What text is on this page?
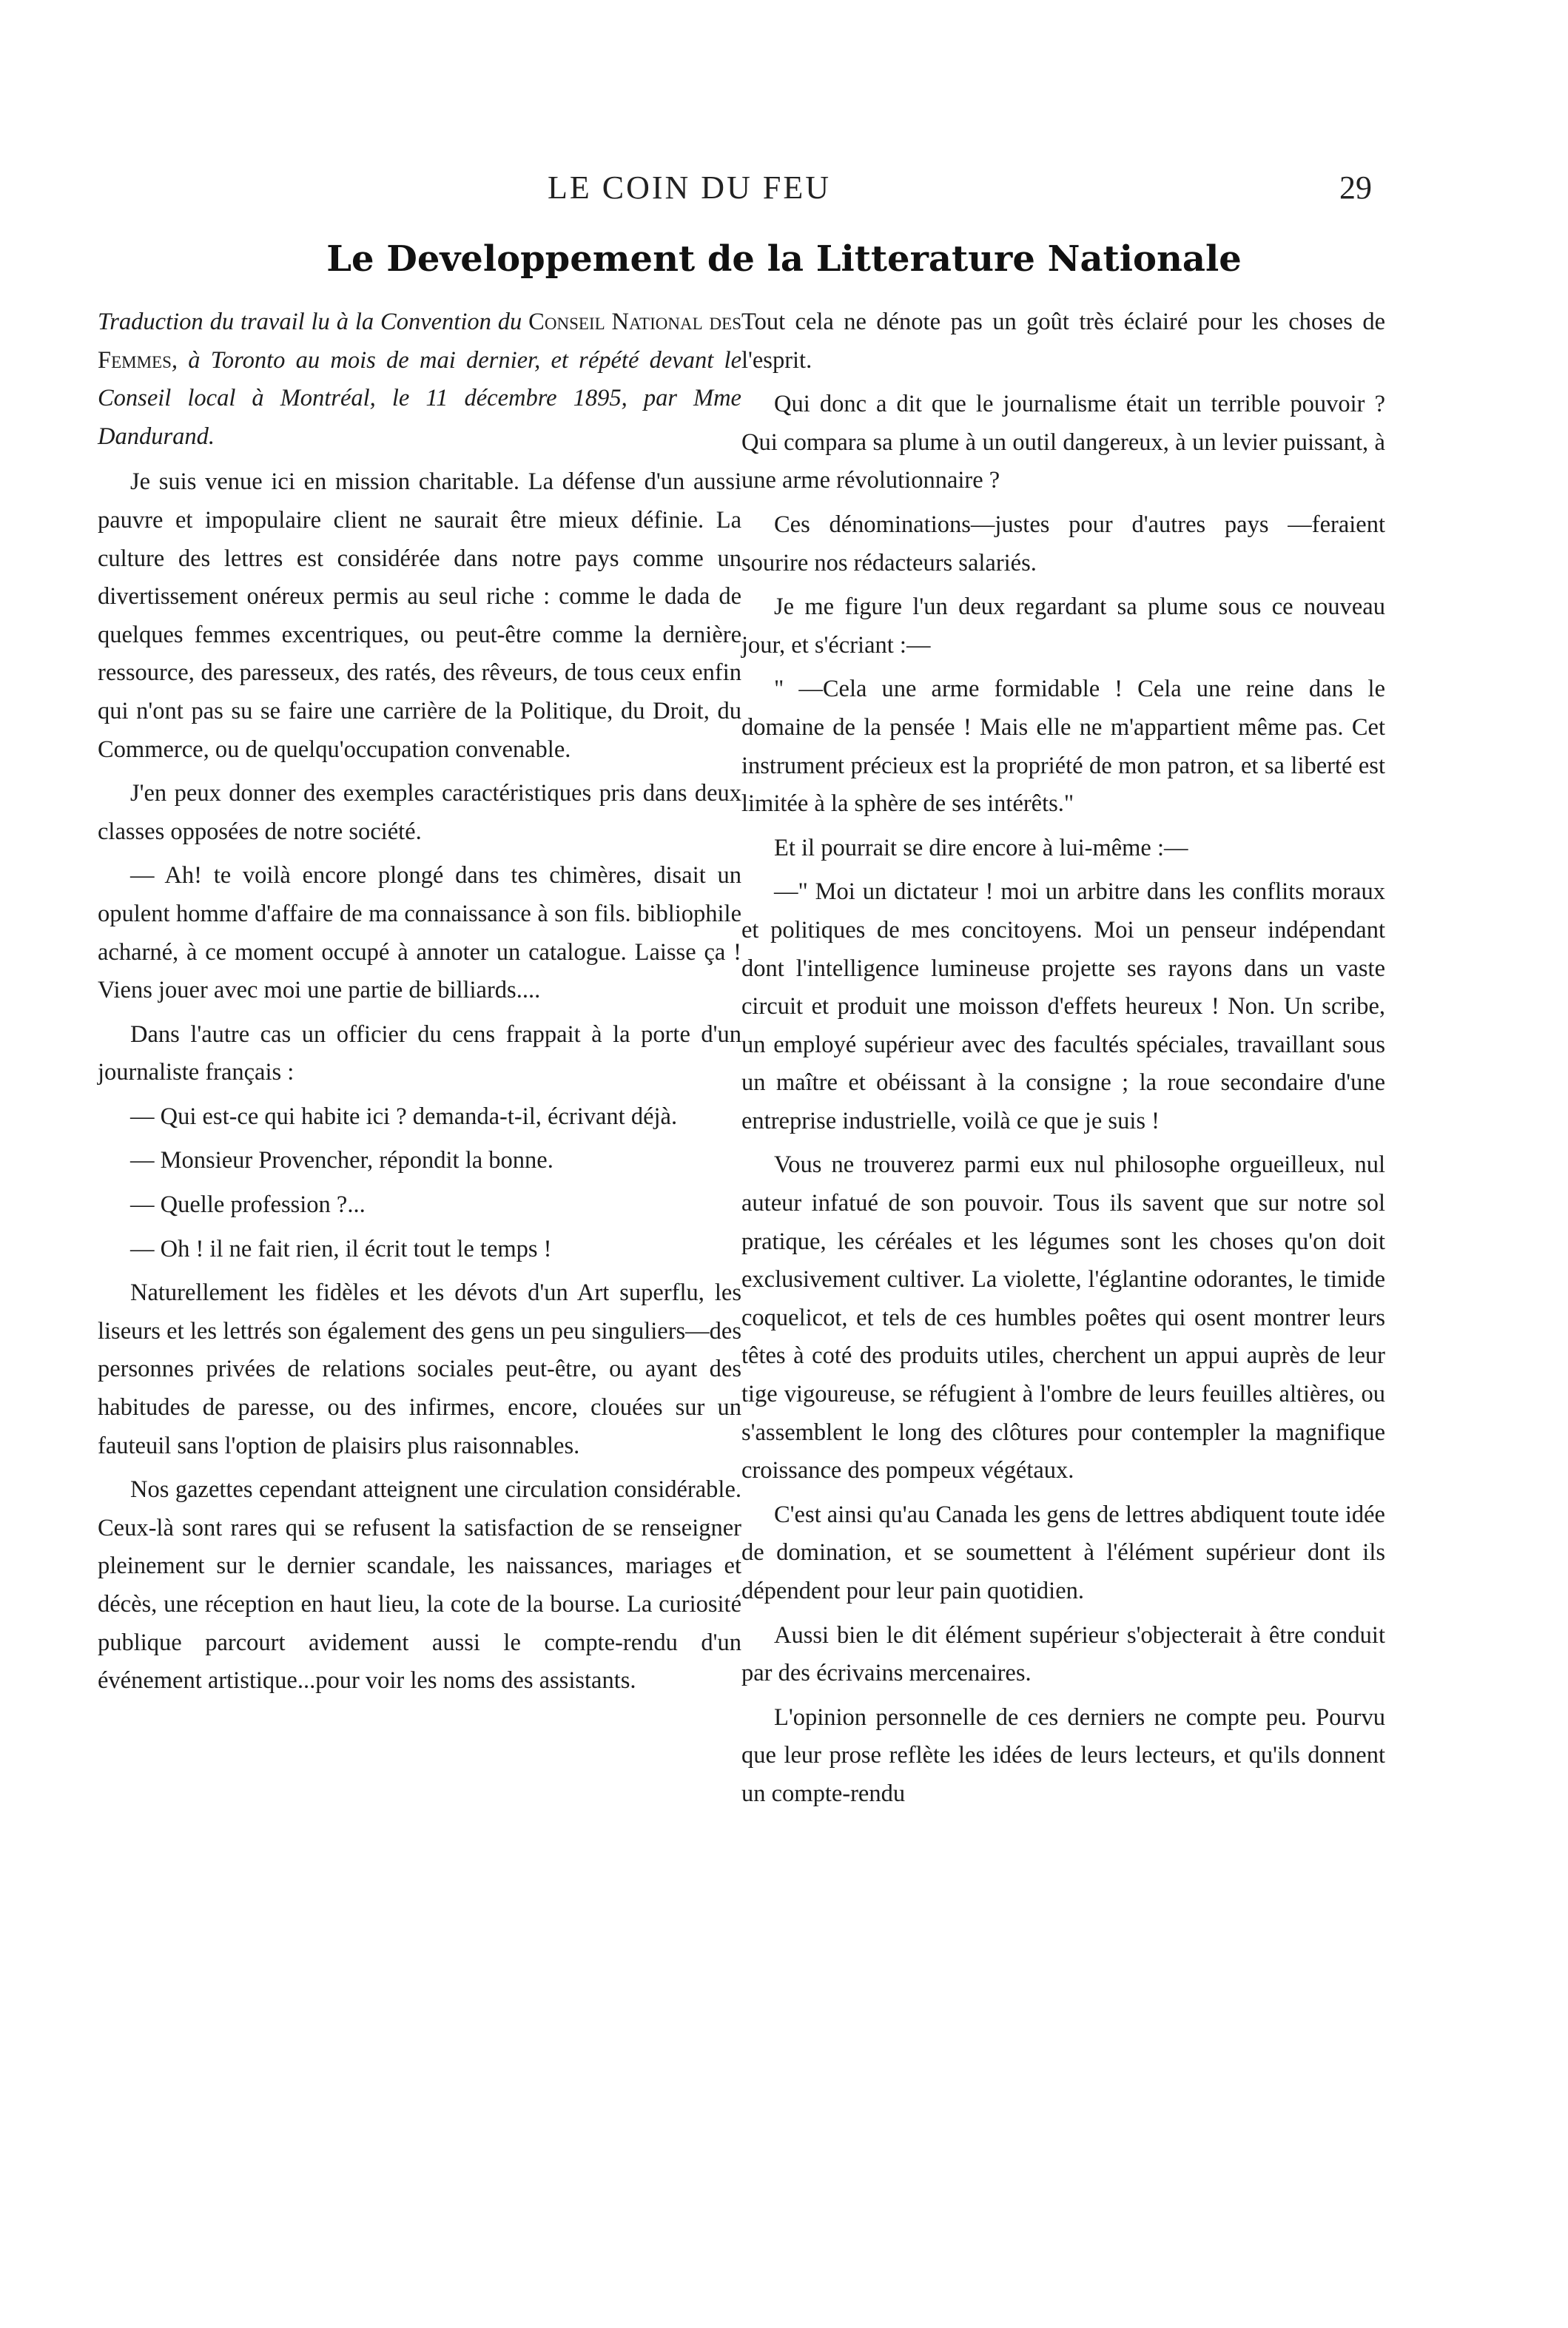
LE COIN DU FEU	29
Le Developpement de la Litterature Nationale

Traduction du travail lu à la Convention du Conseil National des Femmes, à Toronto au mois de mai dernier, et répété devant le Conseil local à Montréal, le 11 décembre 1895, par Mme Dandurand.

Je suis venue ici en mission charitable. La défense d'un aussi pauvre et impopulaire client ne saurait être mieux définie. La culture des lettres est considérée dans notre pays comme un divertissement onéreux permis au seul riche : comme le dada de quelques femmes excentriques, ou peut-être comme la dernière ressource, des paresseux, des ratés, des rêveurs, de tous ceux enfin qui n'ont pas su se faire une carrière de la Politique, du Droit, du Commerce, ou de quelqu'occupation convenable.

J'en peux donner des exemples caractéristiques pris dans deux classes opposées de notre société.

— Ah! te voilà encore plongé dans tes chimères, disait un opulent homme d'affaire de ma connaissance à son fils. bibliophile acharné, à ce moment occupé à annoter un catalogue. Laisse ça ! Viens jouer avec moi une partie de billiards....

Dans l'autre cas un officier du cens frappait à la porte d'un journaliste français :

— Qui est-ce qui habite ici ? demanda-t-il, écrivant déjà.

— Monsieur Provencher, répondit la bonne.

— Quelle profession ?...

— Oh ! il ne fait rien, il écrit tout le temps !

Naturellement les fidèles et les dévots d'un Art superflu, les liseurs et les lettrés son également des gens un peu singuliers—des personnes privées de relations sociales peut-être, ou ayant des habitudes de paresse, ou des infirmes, encore, clouées sur un fauteuil sans l'option de plaisirs plus raisonnables.

Nos gazettes cependant atteignent une circulation considérable. Ceux-là sont rares qui se refusent la satisfaction de se renseigner pleinement sur le dernier scandale, les naissances, mariages et décès, une réception en haut lieu, la cote de la bourse. La curiosité publique parcourt avidement aussi le compte-rendu d'un événement artistique...pour voir les noms des assistants.

Tout cela ne dénote pas un goût très éclairé pour les choses de l'esprit.

Qui donc a dit que le journalisme était un terrible pouvoir ? Qui compara sa plume à un outil dangereux, à un levier puissant, à une arme révolutionnaire ?

Ces dénominations—justes pour d'autres pays —feraient sourire nos rédacteurs salariés.

Je me figure l'un deux regardant sa plume sous ce nouveau jour, et s'écriant :—

" —Cela une arme formidable ! Cela une reine dans le domaine de la pensée ! Mais elle ne m'appartient même pas. Cet instrument précieux est la propriété de mon patron, et sa liberté est limitée à la sphère de ses intérêts."

Et il pourrait se dire encore à lui-même :—

—" Moi un dictateur ! moi un arbitre dans les conflits moraux et politiques de mes concitoyens. Moi un penseur indépendant dont l'intelligence lumineuse projette ses rayons dans un vaste circuit et produit une moisson d'effets heureux ! Non. Un scribe, un employé supérieur avec des facultés spéciales, travaillant sous un maître et obéissant à la consigne ; la roue secondaire d'une entreprise industrielle, voilà ce que je suis !

Vous ne trouverez parmi eux nul philosophe orgueilleux, nul auteur infatué de son pouvoir. Tous ils savent que sur notre sol pratique, les céréales et les légumes sont les choses qu'on doit exclusivement cultiver. La violette, l'églantine odorantes, le timide coquelicot, et tels de ces humbles poêtes qui osent montrer leurs têtes à coté des produits utiles, cherchent un appui auprès de leur tige vigoureuse, se réfugient à l'ombre de leurs feuilles altières, ou s'assemblent le long des clôtures pour contempler la magnifique croissance des pompeux végétaux.

C'est ainsi qu'au Canada les gens de lettres abdiquent toute idée de domination, et se soumettent à l'élément supérieur dont ils dépendent pour leur pain quotidien.

Aussi bien le dit élément supérieur s'objecterait à être conduit par des écrivains mercenaires.

L'opinion personnelle de ces derniers ne compte peu. Pourvu que leur prose reflète les idées de leurs lecteurs, et qu'ils donnent un compte-rendu
